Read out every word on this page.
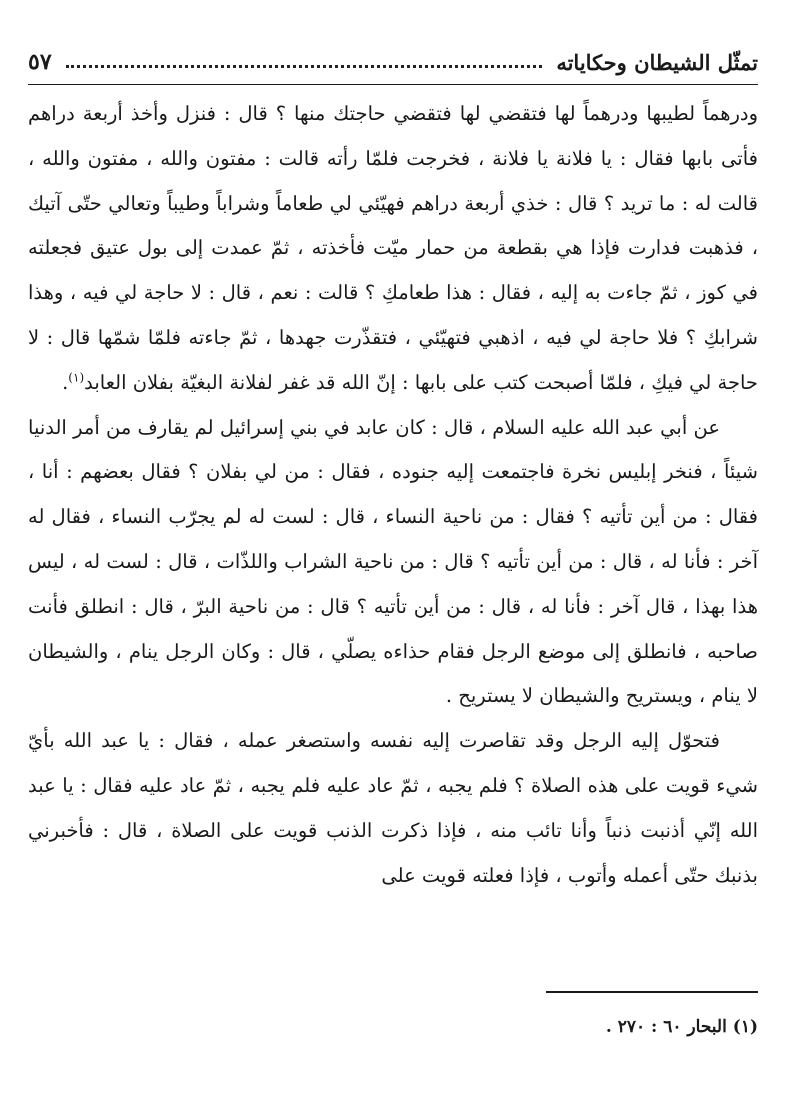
تمثّل الشيطان وحكاياته
٥٧

ودرهماً لطيبها ودرهماً لها فتقضي لها فتقضي حاجتك منها ؟ قال : فنزل وأخذ أربعة دراهم فأتى بابها فقال : يا فلانة يا فلانة ، فخرجت فلمّا رأته قالت : مفتون والله ، مفتون والله ، قالت له : ما تريد ؟ قال : خذي أربعة دراهم فهيّئي لي طعاماً وشراباً وطيباً وتعالي حتّى آتيك ، فذهبت فدارت فإذا هي بقطعة من حمار ميّت فأخذته ، ثمّ عمدت إلى بول عتيق فجعلته في كوز ، ثمّ جاءت به إليه ، فقال : هذا طعامكِ ؟ قالت : نعم ، قال : لا حاجة لي فيه ، وهذا شرابكِ ؟ فلا حاجة لي فيه ، اذهبي فتهيّئي ، فتقذّرت جهدها ، ثمّ جاءته فلمّا شمّها قال : لا حاجة لي فيكِ ، فلمّا أصبحت كتب على بابها : إنّ الله قد غفر لفلانة البغيّة بفلان العابد$^{(١)}$.

عن أبي عبد الله عليه السلام ، قال : كان عابد في بني إسرائيل لم يقارف من أمر الدنيا شيئاً ، فنخر إبليس نخرة فاجتمعت إليه جنوده ، فقال : من لي بفلان ؟ فقال بعضهم : أنا ، فقال : من أين تأتيه ؟ فقال : من ناحية النساء ، قال : لست له لم يجرّب النساء ، فقال له آخر : فأنا له ، قال : من أين تأتيه ؟ قال : من ناحية الشراب واللذّات ، قال : لست له ، ليس هذا بهذا ، قال آخر : فأنا له ، قال : من أين تأتيه ؟ قال : من ناحية البرّ ، قال : انطلق فأنت صاحبه ، فانطلق إلى موضع الرجل فقام حذاءه يصلّي ، قال : وكان الرجل ينام ، والشيطان لا ينام ، ويستريح والشيطان لا يستريح .

فتحوّل إليه الرجل وقد تقاصرت إليه نفسه واستصغر عمله ، فقال : يا عبد الله بأيّ شيء قويت على هذه الصلاة ؟ فلم يجبه ، ثمّ عاد عليه فلم يجبه ، ثمّ عاد عليه فقال : يا عبد الله إنّي أذنبت ذنباً وأنا تائب منه ، فإذا ذكرت الذنب قويت على الصلاة ، قال : فأخبرني بذنبك حتّى أعمله وأتوب ، فإذا فعلته قويت على

(١) البحار ٦٠ : ٢٧٠ .
